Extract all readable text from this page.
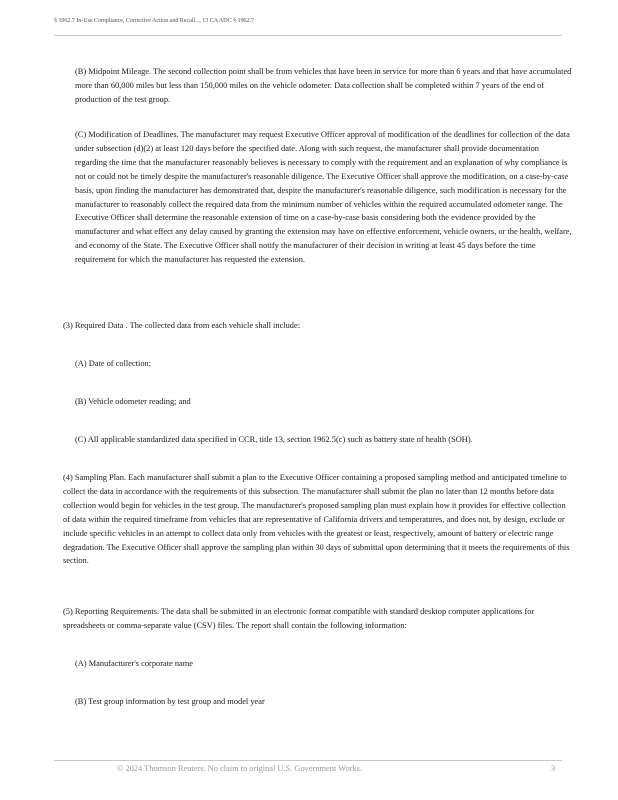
§ 1962.7 In-Use Compliance, Corrective Action and Recall..., 13 CA ADC § 1962.7

(B) Midpoint Mileage. The second collection point shall be from vehicles that have been in service for more than 6 years and that have accumulated more than 60,000 miles but less than 150,000 miles on the vehicle odometer. Data collection shall be completed within 7 years of the end of production of the test group.

(C) Modification of Deadlines. The manufacturer may request Executive Officer approval of modification of the deadlines for collection of the data under subsection (d)(2) at least 120 days before the specified date. Along with such request, the manufacturer shall provide documentation regarding the time that the manufacturer reasonably believes is necessary to comply with the requirement and an explanation of why compliance is not or could not be timely despite the manufacturer's reasonable diligence. The Executive Officer shall approve the modification, on a case-by-case basis, upon finding the manufacturer has demonstrated that, despite the manufacturer's reasonable diligence, such modification is necessary for the manufacturer to reasonably collect the required data from the minimum number of vehicles within the required accumulated odometer range. The Executive Officer shall determine the reasonable extension of time on a case-by-case basis considering both the evidence provided by the manufacturer and what effect any delay caused by granting the extension may have on effective enforcement, vehicle owners, or the health, welfare, and economy of the State. The Executive Officer shall notify the manufacturer of their decision in writing at least 45 days before the time requirement for which the manufacturer has requested the extension.

(3) Required Data . The collected data from each vehicle shall include:

(A) Date of collection;

(B) Vehicle odometer reading; and

(C) All applicable standardized data specified in CCR, title 13, section 1962.5(c) such as battery state of health (SOH).

(4) Sampling Plan. Each manufacturer shall submit a plan to the Executive Officer containing a proposed sampling method and anticipated timeline to collect the data in accordance with the requirements of this subsection. The manufacturer shall submit the plan no later than 12 months before data collection would begin for vehicles in the test group. The manufacturer's proposed sampling plan must explain how it provides for effective collection of data within the required timeframe from vehicles that are representative of California drivers and temperatures, and does not, by design, exclude or include specific vehicles in an attempt to collect data only from vehicles with the greatest or least, respectively, amount of battery or electric range degradation. The Executive Officer shall approve the sampling plan within 30 days of submittal upon determining that it meets the requirements of this section.

(5) Reporting Requirements. The data shall be submitted in an electronic format compatible with standard desktop computer applications for spreadsheets or comma-separate value (CSV) files. The report shall contain the following information:

(A) Manufacturer's corporate name

(B) Test group information by test group and model year

© 2024 Thomson Reuters. No claim to original U.S. Government Works.	3
